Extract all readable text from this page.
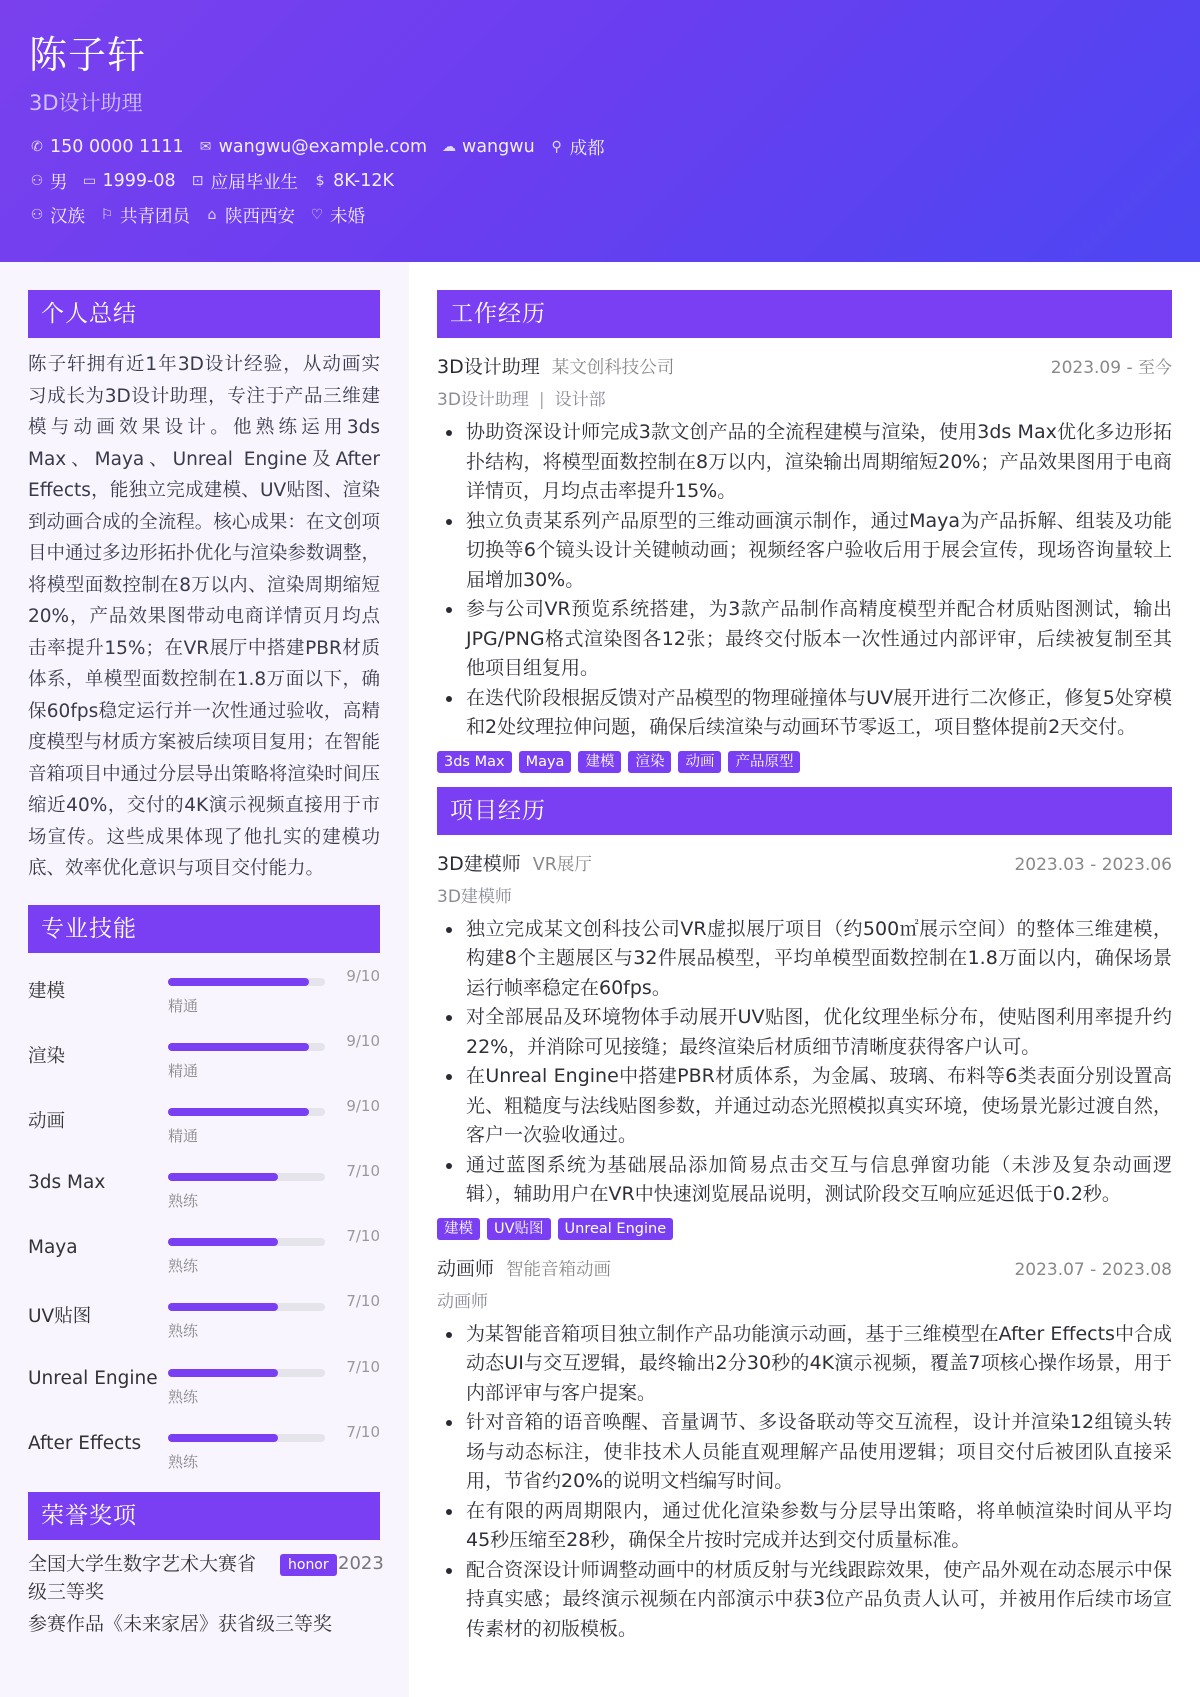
陈子轩
3D设计助理
✆ 150 0000 1111 ✉ wangwu@example.com ☁ wangwu ⚲ 成都
⚇ 男 ▭ 1999-08 ⊡ 应届毕业生 $ 8K-12K
⚇ 汉族 ⚐ 共青团员 ⌂ 陕西西安 ♡ 未婚
个人总结
陈子轩拥有近1年3D设计经验，从动画实习成长为3D设计助理，专注于产品三维建模与动画效果设计。他熟练运用3ds Max、Maya、Unreal Engine及After Effects，能独立完成建模、UV贴图、渲染到动画合成的全流程。核心成果：在文创项目中通过多边形拓扑优化与渲染参数调整，将模型面数控制在8万以内、渲染周期缩短20%，产品效果图带动电商详情页月均点击率提升15%；在VR展厅中搭建PBR材质体系，单模型面数控制在1.8万面以下，确保60fps稳定运行并一次性通过验收，高精度模型与材质方案被后续项目复用；在智能音箱项目中通过分层导出策略将渲染时间压缩近40%，交付的4K演示视频直接用于市场宣传。这些成果体现了他扎实的建模功底、效率优化意识与项目交付能力。
专业技能
建模
9/10
精通
渲染
9/10
精通
动画
9/10
精通
3ds Max
7/10
熟练
Maya
7/10
熟练
UV贴图
7/10
熟练
Unreal Engine
7/10
熟练
After Effects
7/10
熟练
荣誉奖项
全国大学生数字艺术大赛省级三等奖
honor 2023
参赛作品《未来家居》获省级三等奖
工作经历
3D设计助理 某文创科技公司	2023.09 - 至今
3D设计助理 | 设计部
协助资深设计师完成3款文创产品的全流程建模与渲染，使用3ds Max优化多边形拓扑结构，将模型面数控制在8万以内，渲染输出周期缩短20%；产品效果图用于电商详情页，月均点击率提升15%。
独立负责某系列产品原型的三维动画演示制作，通过Maya为产品拆解、组装及功能切换等6个镜头设计关键帧动画；视频经客户验收后用于展会宣传，现场咨询量较上届增加30%。
参与公司VR预览系统搭建，为3款产品制作高精度模型并配合材质贴图测试，输出JPG/PNG格式渲染图各12张；最终交付版本一次性通过内部评审，后续被复制至其他项目组复用。
在迭代阶段根据反馈对产品模型的物理碰撞体与UV展开进行二次修正，修复5处穿模和2处纹理拉伸问题，确保后续渲染与动画环节零返工，项目整体提前2天交付。
3ds Max	Maya	建模	渲染	动画	产品原型
项目经历
3D建模师 VR展厅	2023.03 - 2023.06
3D建模师
独立完成某文创科技公司VR虚拟展厅项目（约500㎡展示空间）的整体三维建模，构建8个主题展区与32件展品模型，平均单模型面数控制在1.8万面以内，确保场景运行帧率稳定在60fps。
对全部展品及环境物体手动展开UV贴图，优化纹理坐标分布，使贴图利用率提升约22%，并消除可见接缝；最终渲染后材质细节清晰度获得客户认可。
在Unreal Engine中搭建PBR材质体系，为金属、玻璃、布料等6类表面分别设置高光、粗糙度与法线贴图参数，并通过动态光照模拟真实环境，使场景光影过渡自然，客户一次验收通过。
通过蓝图系统为基础展品添加简易点击交互与信息弹窗功能（未涉及复杂动画逻辑），辅助用户在VR中快速浏览展品说明，测试阶段交互响应延迟低于0.2秒。
建模	UV贴图	Unreal Engine
动画师 智能音箱动画	2023.07 - 2023.08
动画师
为某智能音箱项目独立制作产品功能演示动画，基于三维模型在After Effects中合成动态UI与交互逻辑，最终输出2分30秒的4K演示视频，覆盖7项核心操作场景，用于内部评审与客户提案。
针对音箱的语音唤醒、音量调节、多设备联动等交互流程，设计并渲染12组镜头转场与动态标注，使非技术人员能直观理解产品使用逻辑；项目交付后被团队直接采用，节省约20%的说明文档编写时间。
在有限的两周期限内，通过优化渲染参数与分层导出策略，将单帧渲染时间从平均45秒压缩至28秒，确保全片按时完成并达到交付质量标准。
配合资深设计师调整动画中的材质反射与光线跟踪效果，使产品外观在动态展示中保持真实感；最终演示视频在内部演示中获3位产品负责人认可，并被用作后续市场宣传素材的初版模板。
